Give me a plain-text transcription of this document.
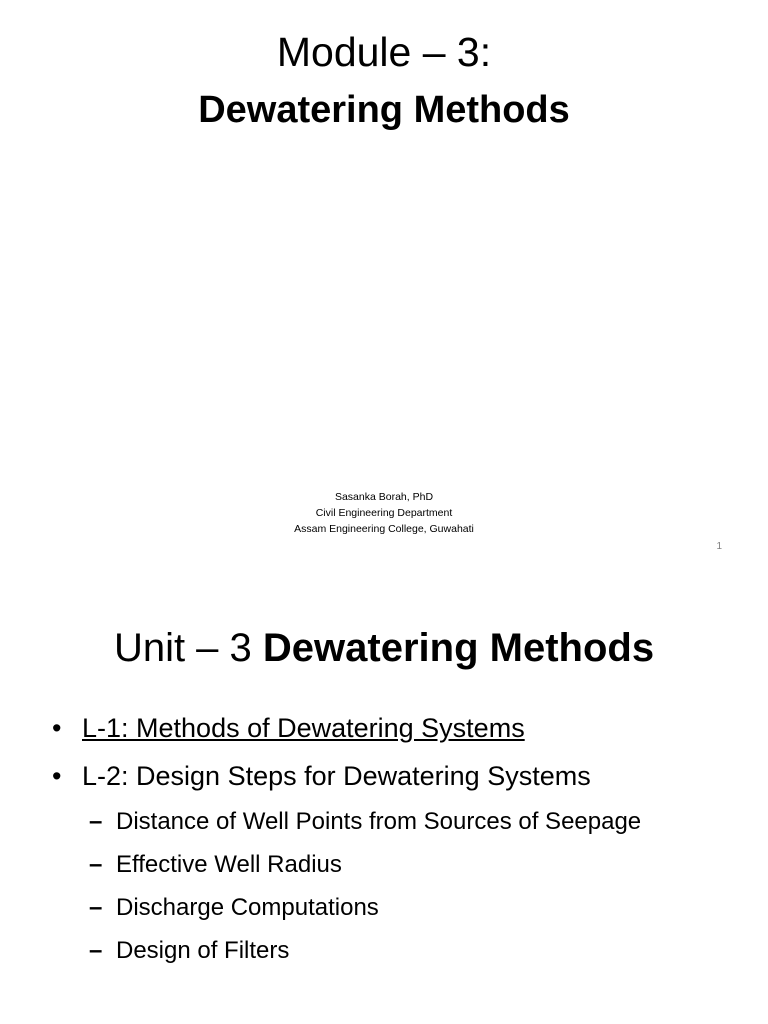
Module – 3:
Dewatering Methods
Sasanka Borah, PhD
Civil Engineering Department
Assam Engineering College, Guwahati
1
Unit – 3 Dewatering Methods
• L-1: Methods of Dewatering Systems
• L-2: Design Steps for Dewatering Systems
– Distance of Well Points from Sources of Seepage
– Effective Well Radius
– Discharge Computations
– Design of Filters
